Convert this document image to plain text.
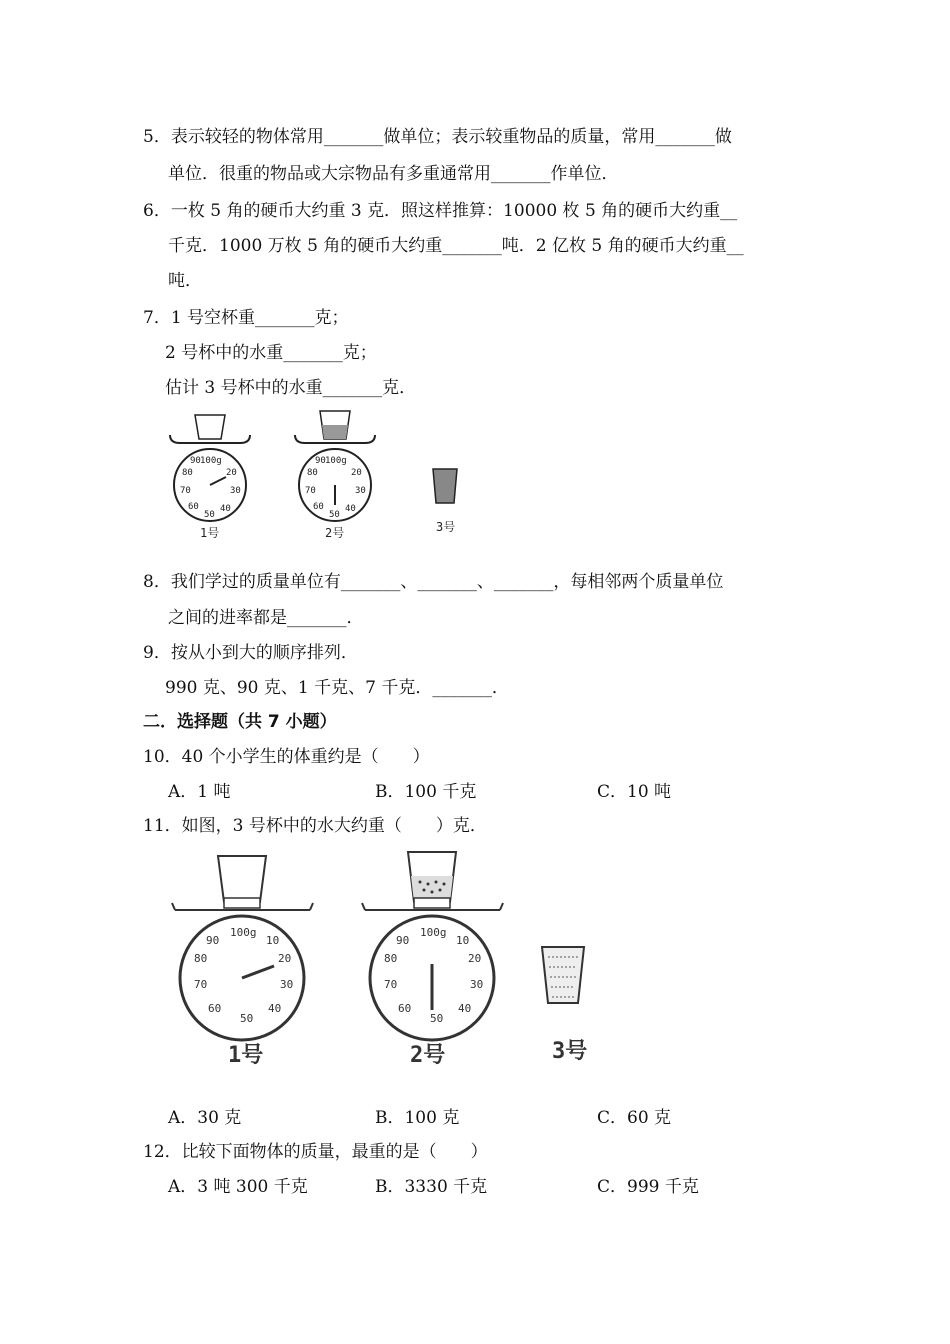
5．表示较轻的物体常用_______做单位；表示较重物品的质量，常用_______做
单位．很重的物品或大宗物品有多重通常用_______作单位．
6．一枚 5 角的硬币大约重 3 克．照这样推算：10000 枚 5 角的硬币大约重__
千克．1000 万枚 5 角的硬币大约重_______吨．2 亿枚 5 角的硬币大约重__
吨．
7．1 号空杯重_______克；
2 号杯中的水重_______克；
估计 3 号杯中的水重_______克．
100g
20
30
40
50
60
70
80
90
1号
100g
20
30
40
50
60
70
80
90
2号	3号
8．我们学过的质量单位有_______、_______、_______，每相邻两个质量单位
之间的进率都是_______．
9．按从小到大的顺序排列．
990 克、90 克、1 千克、7 千克．_______．
二．选择题（共 7 小题）
10．40 个小学生的体重约是（　　）
A．1 吨	B．100 千克	C．10 吨
11．如图，3 号杯中的水大约重（　　）克．
100g
10
20
30
40
50
60
70
80
90
1号
100g
10
20
30
40
50
60
70
80
90
2号	3号
A．30 克	B．100 克	C．60 克
12．比较下面物体的质量，最重的是（　　）
A．3 吨 300 千克	B．3330 千克	C．999 千克
